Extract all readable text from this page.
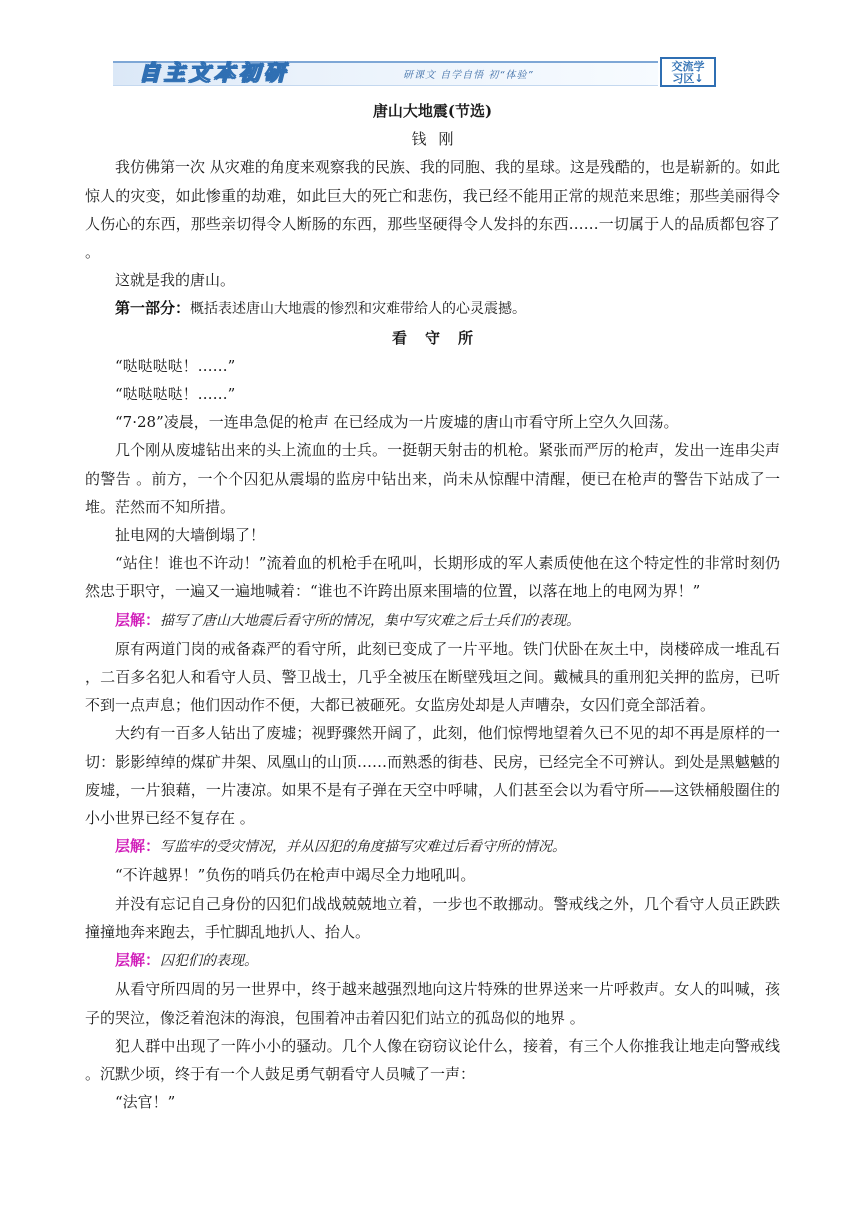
自主文本初研	研课文 自学自悟 初“体验”
交流学
习区↓

唐山大地震(节选)

钱刚

我仿佛第一次 从灾难的角度来观察我的民族、我的同胞、我的星球。这是残酷的，也是崭新的。如此惊人的灾变，如此惨重的劫难，如此巨大的死亡和悲伤，我已经不能用正常的规范来思维；那些美丽得令人伤心的东西，那些亲切得令人断肠的东西，那些坚硬得令人发抖的东西……一切属于人的品质都包容了 。

这就是我的唐山。

第一部分：概括表述唐山大地震的惨烈和灾难带给人的心灵震撼。

看守所

“哒哒哒哒！……”

“哒哒哒哒！……”

“7·28”凌晨，一连串急促的枪声 在已经成为一片废墟的唐山市看守所上空久久回荡。

几个刚从废墟钻出来的头上流血的士兵。一挺朝天射击的机枪。紧张而严厉的枪声，发出一连串尖声的警告 。前方，一个个囚犯从震塌的监房中钻出来，尚未从惊醒中清醒，便已在枪声的警告下站成了一堆。茫然而不知所措。

扯电网的大墙倒塌了！

“站住！谁也不许动！”流着血的机枪手在吼叫，长期形成的军人素质使他在这个特定性的非常时刻仍然忠于职守，一遍又一遍地喊着：“谁也不许跨出原来围墙的位置，以落在地上的电网为界！”

层解：描写了唐山大地震后看守所的情况，集中写灾难之后士兵们的表现。

原有两道门岗的戒备森严的看守所，此刻已变成了一片平地。铁门伏卧在灰土中，岗楼碎成一堆乱石 ，二百多名犯人和看守人员、警卫战士，几乎全被压在断壁残垣之间。戴械具的重刑犯关押的监房，已听不到一点声息；他们因动作不便，大都已被砸死。女监房处却是人声嘈杂，女囚们竟全部活着。

大约有一百多人钻出了废墟；视野骤然开阔了，此刻，他们惊愕地望着久已不见的却不再是原样的一切：影影绰绰的煤矿井架、凤凰山的山顶……而熟悉的街巷、民房，已经完全不可辨认。到处是黑魆魆的废墟，一片狼藉，一片凄凉。如果不是有子弹在天空中呼啸，人们甚至会以为看守所——这铁桶般圈住的小小世界已经不复存在 。

层解：写监牢的受灾情况，并从囚犯的角度描写灾难过后看守所的情况。

“不许越界！”负伤的哨兵仍在枪声中竭尽全力地吼叫。

并没有忘记自己身份的囚犯们战战兢兢地立着，一步也不敢挪动。警戒线之外，几个看守人员正跌跌撞撞地奔来跑去，手忙脚乱地扒人、抬人。

层解：囚犯们的表现。

从看守所四周的另一世界中，终于越来越强烈地向这片特殊的世界送来一片呼救声。女人的叫喊，孩子的哭泣，像泛着泡沫的海浪，包围着冲击着囚犯们站立的孤岛似的地界 。

犯人群中出现了一阵小小的骚动。几个人像在窃窃议论什么，接着，有三个人你推我让地走向警戒线 。沉默少顷，终于有一个人鼓足勇气朝看守人员喊了一声：

“法官！”
